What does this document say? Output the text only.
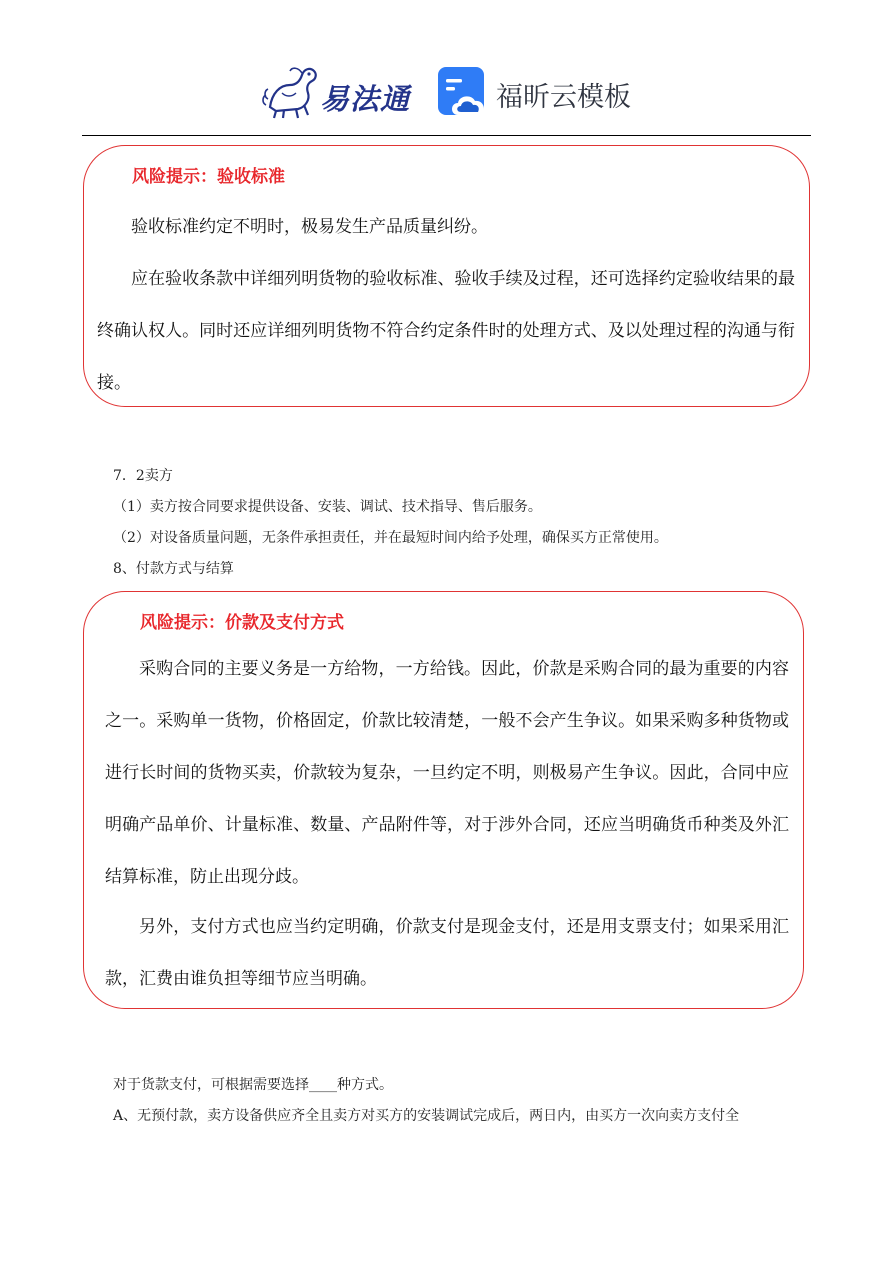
易法通	福昕云模板
风险提示：验收标准

验收标准约定不明时，极易发生产品质量纠纷。

应在验收条款中详细列明货物的验收标准、验收手续及过程，还可选择约定验收结果的最终确认权人。同时还应详细列明货物不符合约定条件时的处理方式、及以处理过程的沟通与衔接。

7．2卖方
（1）卖方按合同要求提供设备、安装、调试、技术指导、售后服务。
（2）对设备质量问题，无条件承担责任，并在最短时间内给予处理，确保买方正常使用。
8、付款方式与结算
风险提示：价款及支付方式

采购合同的主要义务是一方给物，一方给钱。因此，价款是采购合同的最为重要的内容之一。采购单一货物，价格固定，价款比较清楚，一般不会产生争议。如果采购多种货物或进行长时间的货物买卖，价款较为复杂，一旦约定不明，则极易产生争议。因此，合同中应明确产品单价、计量标准、数量、产品附件等，对于涉外合同，还应当明确货币种类及外汇结算标准，防止出现分歧。

另外，支付方式也应当约定明确，价款支付是现金支付，还是用支票支付；如果采用汇款，汇费由谁负担等细节应当明确。

对于货款支付，可根据需要选择____种方式。
A、无预付款，卖方设备供应齐全且卖方对买方的安装调试完成后，两日内，由买方一次向卖方支付全
